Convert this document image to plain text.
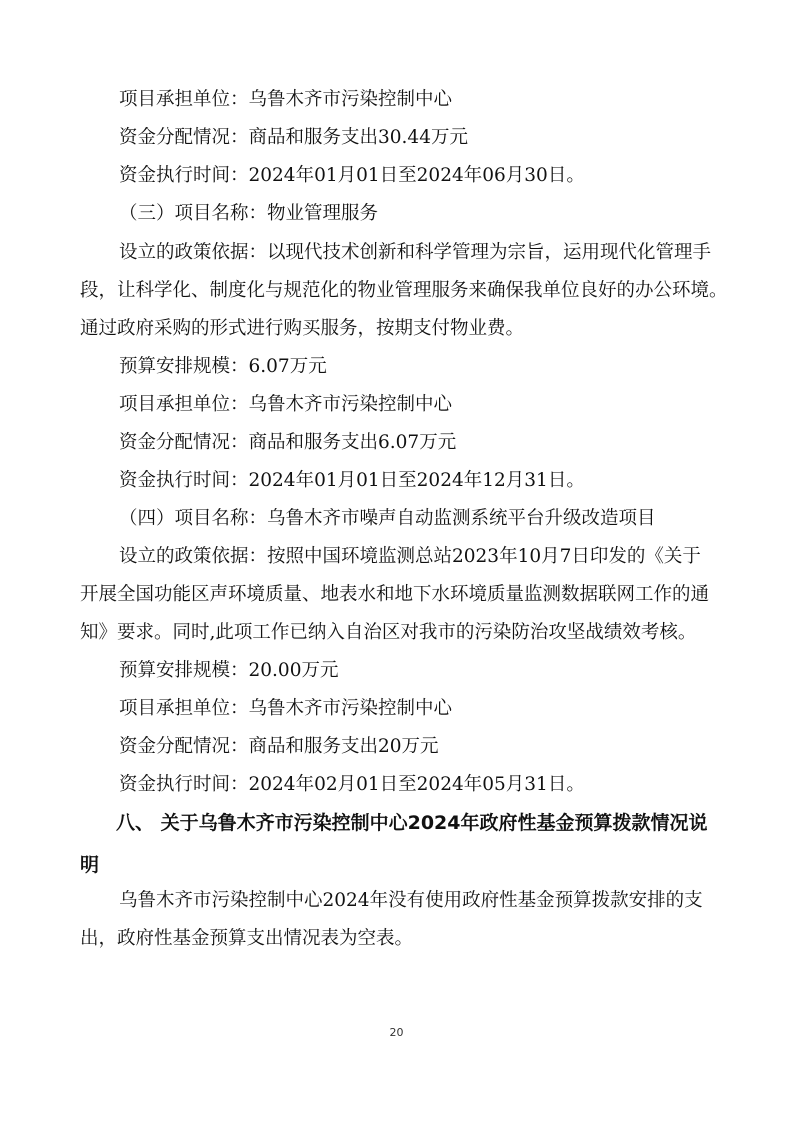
项目承担单位：乌鲁木齐市污染控制中心
资金分配情况：商品和服务支出30.44万元
资金执行时间：2024年01月01日至2024年06月30日。
（三）项目名称：物业管理服务
设立的政策依据：以现代技术创新和科学管理为宗旨，运用现代化管理手
段，让科学化、制度化与规范化的物业管理服务来确保我单位良好的办公环境。
通过政府采购的形式进行购买服务，按期支付物业费。
预算安排规模：6.07万元
项目承担单位：乌鲁木齐市污染控制中心
资金分配情况：商品和服务支出6.07万元
资金执行时间：2024年01月01日至2024年12月31日。
（四）项目名称：乌鲁木齐市噪声自动监测系统平台升级改造项目
设立的政策依据：按照中国环境监测总站2023年10月7日印发的《关于
开展全国功能区声环境质量、地表水和地下水环境质量监测数据联网工作的通
知》要求。同时,此项工作已纳入自治区对我市的污染防治攻坚战绩效考核。
预算安排规模：20.00万元
项目承担单位：乌鲁木齐市污染控制中心
资金分配情况：商品和服务支出20万元
资金执行时间：2024年02月01日至2024年05月31日。
八、 关于乌鲁木齐市污染控制中心2024年政府性基金预算拨款情况说
明
乌鲁木齐市污染控制中心2024年没有使用政府性基金预算拨款安排的支
出，政府性基金预算支出情况表为空表。
20
